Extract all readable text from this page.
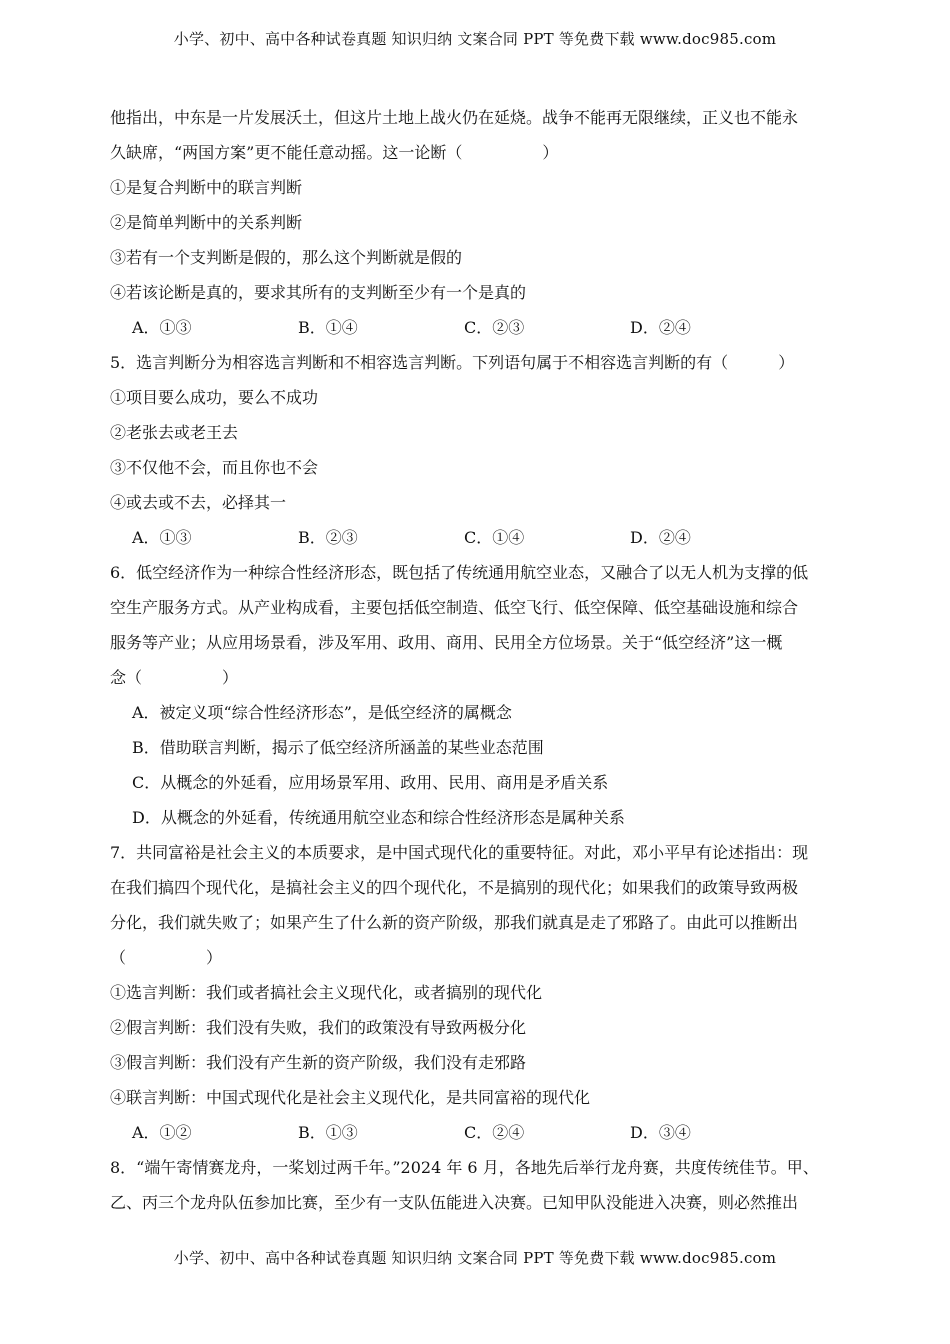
小学、初中、高中各种试卷真题 知识归纳 文案合同 PPT 等免费下载 www.doc985.com
他指出，中东是一片发展沃土，但这片土地上战火仍在延烧。战争不能再无限继续，正义也不能永
久缺席，“两国方案”更不能任意动摇。这一论断（	）
①是复合判断中的联言判断
②是简单判断中的关系判断
③若有一个支判断是假的，那么这个判断就是假的
④若该论断是真的，要求其所有的支判断至少有一个是真的
A．①③	B．①④	C．②③	D．②④
5．选言判断分为相容选言判断和不相容选言判断。下列语句属于不相容选言判断的有（	）
①项目要么成功，要么不成功
②老张去或老王去
③不仅他不会，而且你也不会
④或去或不去，必择其一
A．①③	B．②③	C．①④	D．②④
6．低空经济作为一种综合性经济形态，既包括了传统通用航空业态，又融合了以无人机为支撑的低
空生产服务方式。从产业构成看，主要包括低空制造、低空飞行、低空保障、低空基础设施和综合
服务等产业；从应用场景看，涉及军用、政用、商用、民用全方位场景。关于“低空经济”这一概
念（	）
A．被定义项“综合性经济形态”，是低空经济的属概念
B．借助联言判断，揭示了低空经济所涵盖的某些业态范围
C．从概念的外延看，应用场景军用、政用、民用、商用是矛盾关系
D．从概念的外延看，传统通用航空业态和综合性经济形态是属种关系
7．共同富裕是社会主义的本质要求，是中国式现代化的重要特征。对此，邓小平早有论述指出：现
在我们搞四个现代化，是搞社会主义的四个现代化，不是搞别的现代化；如果我们的政策导致两极
分化，我们就失败了；如果产生了什么新的资产阶级，那我们就真是走了邪路了。由此可以推断出
（	）
①选言判断：我们或者搞社会主义现代化，或者搞别的现代化
②假言判断：我们没有失败，我们的政策没有导致两极分化
③假言判断：我们没有产生新的资产阶级，我们没有走邪路
④联言判断：中国式现代化是社会主义现代化，是共同富裕的现代化
A．①②	B．①③	C．②④	D．③④
8．“端午寄情赛龙舟，一桨划过两千年。”2024 年 6 月，各地先后举行龙舟赛，共度传统佳节。甲、
乙、丙三个龙舟队伍参加比赛，至少有一支队伍能进入决赛。已知甲队没能进入决赛，则必然推出
小学、初中、高中各种试卷真题 知识归纳 文案合同 PPT 等免费下载 www.doc985.com
